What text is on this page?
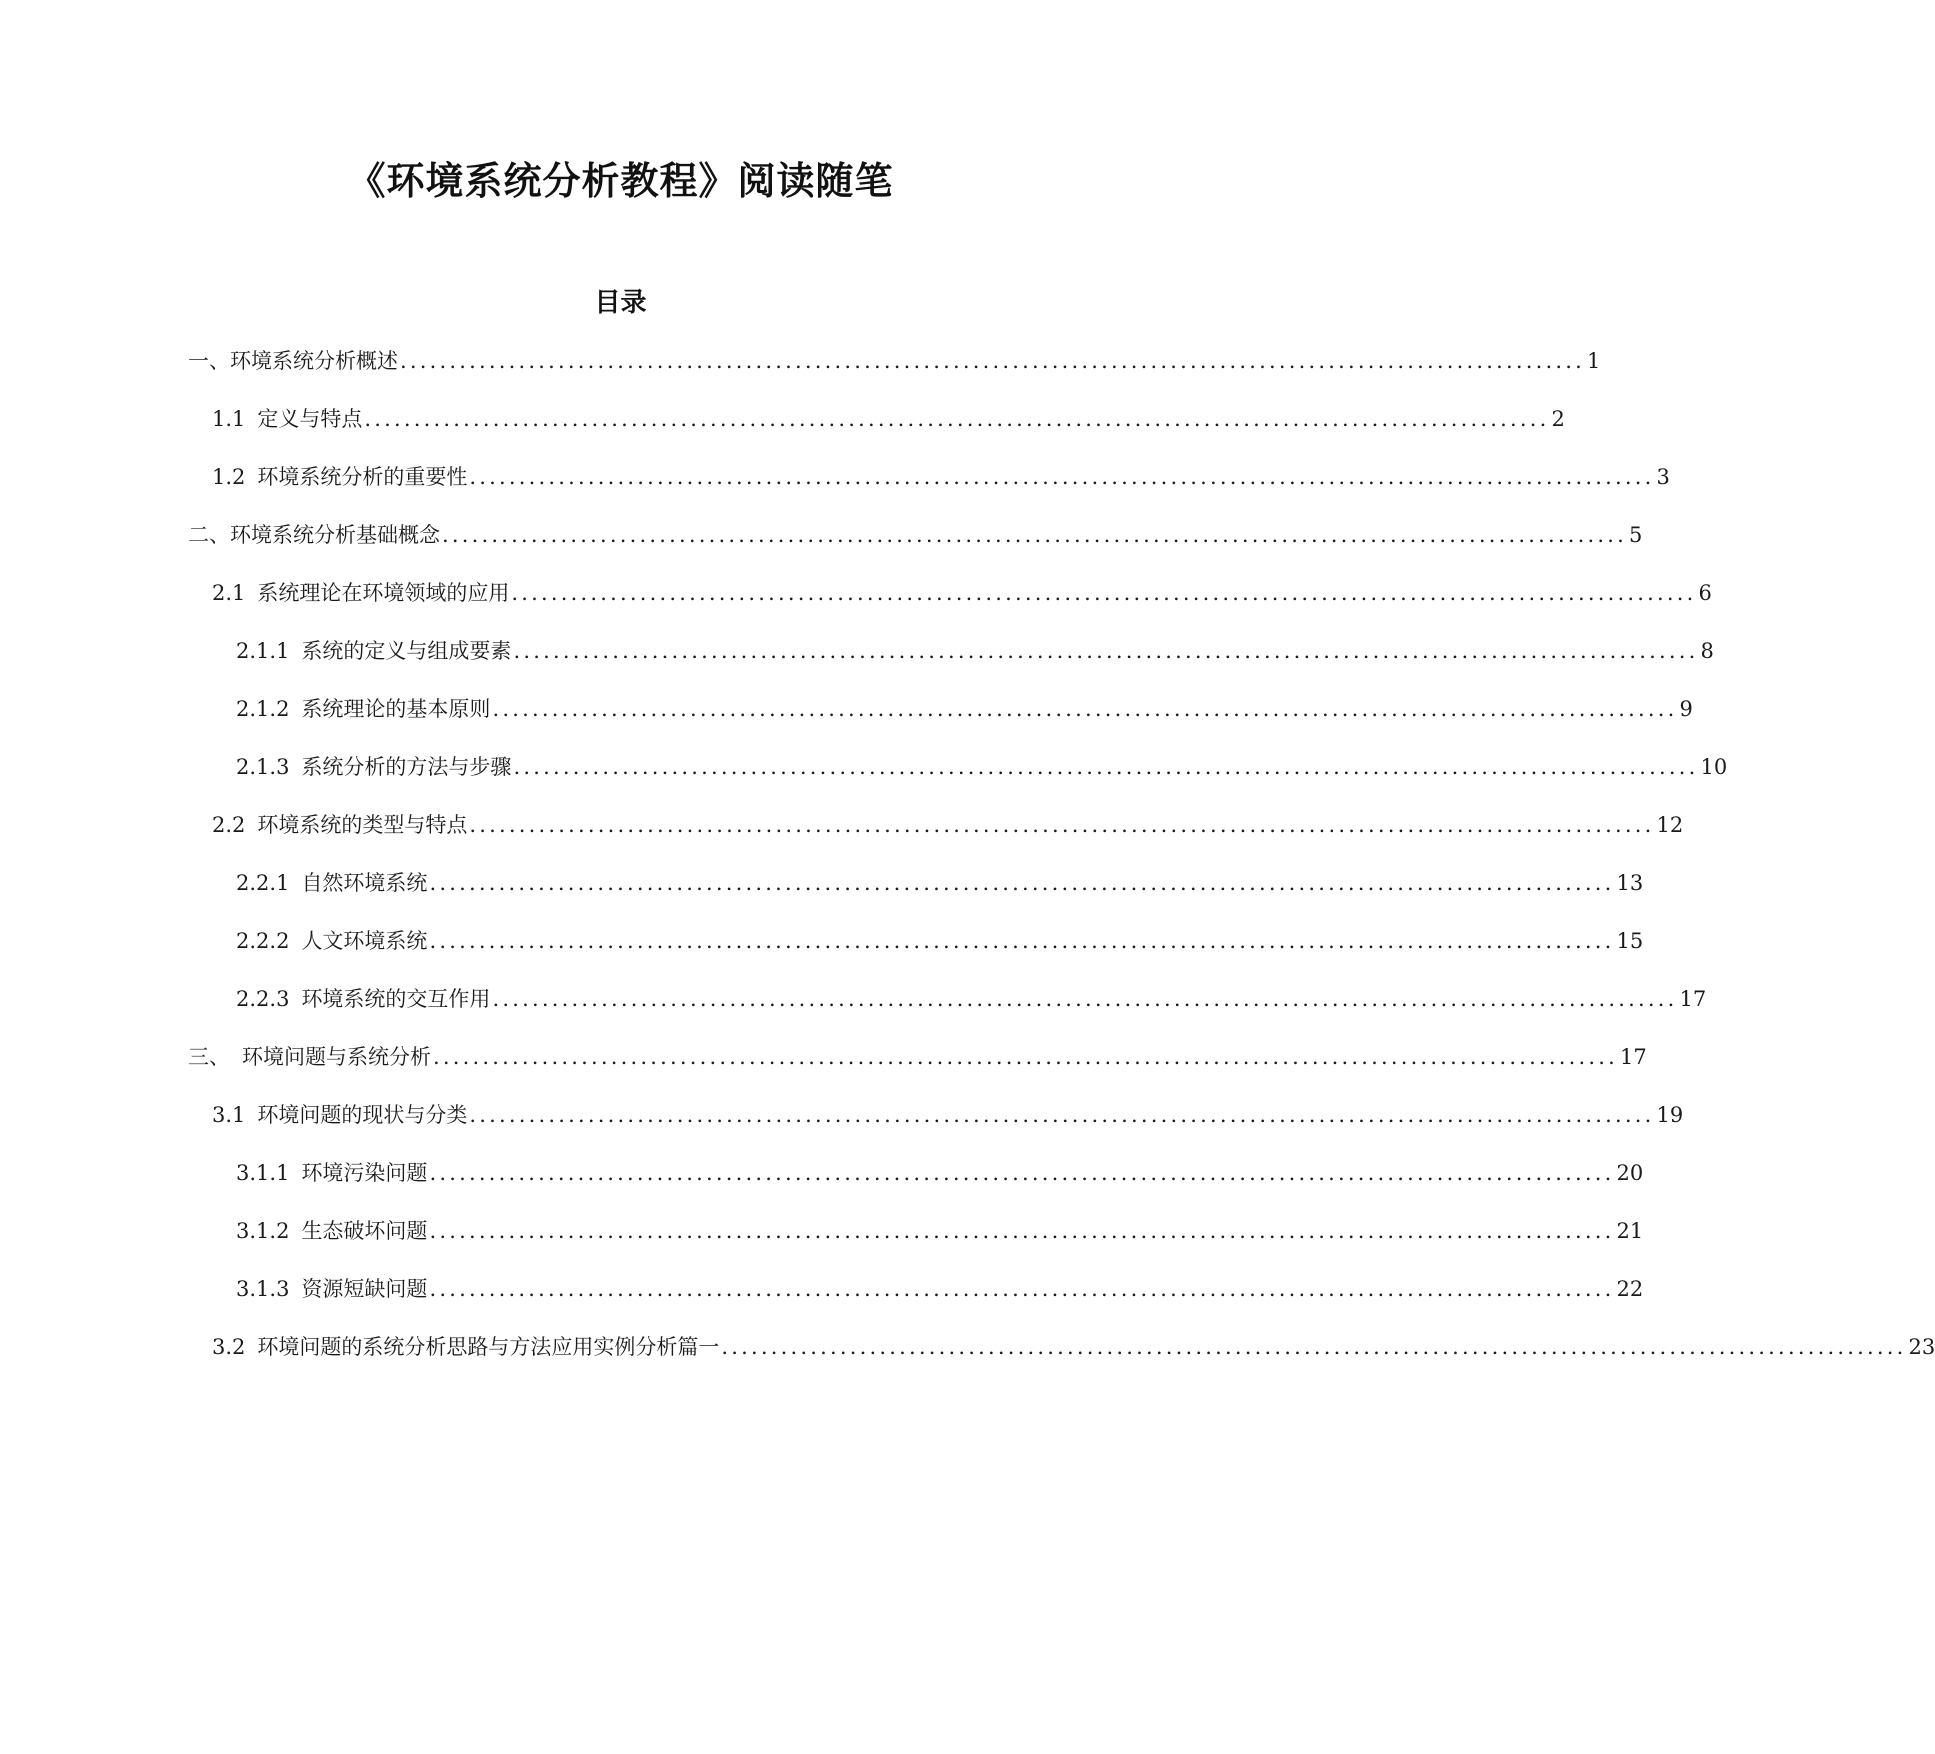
《环境系统分析教程》阅读随笔
目录
一、 环境系统分析概述 ........................................................................................................................ 1
1.1 定义与特点 ........................................................................................................................ 2
1.2 环境系统分析的重要性 ........................................................................................................................ 3
二、 环境系统分析基础概念 ........................................................................................................................ 5
2.1 系统理论在环境领域的应用 ........................................................................................................................ 6
2.1.1 系统的定义与组成要素 ........................................................................................................................ 8
2.1.2 系统理论的基本原则 ........................................................................................................................ 9
2.1.3 系统分析的方法与步骤 ........................................................................................................................ 10
2.2 环境系统的类型与特点 ........................................................................................................................ 12
2.2.1 自然环境系统 ........................................................................................................................ 13
2.2.2 人文环境系统 ........................................................................................................................ 15
2.2.3 环境系统的交互作用 ........................................................................................................................ 17
三、 环境问题与系统分析 ........................................................................................................................ 17
3.1 环境问题的现状与分类 ........................................................................................................................ 19
3.1.1 环境污染问题 ........................................................................................................................ 20
3.1.2 生态破坏问题 ........................................................................................................................ 21
3.1.3 资源短缺问题 ........................................................................................................................ 22
3.2 环境问题的系统分析思路与方法应用实例分析篇一 ........................................................................................................................ 23
